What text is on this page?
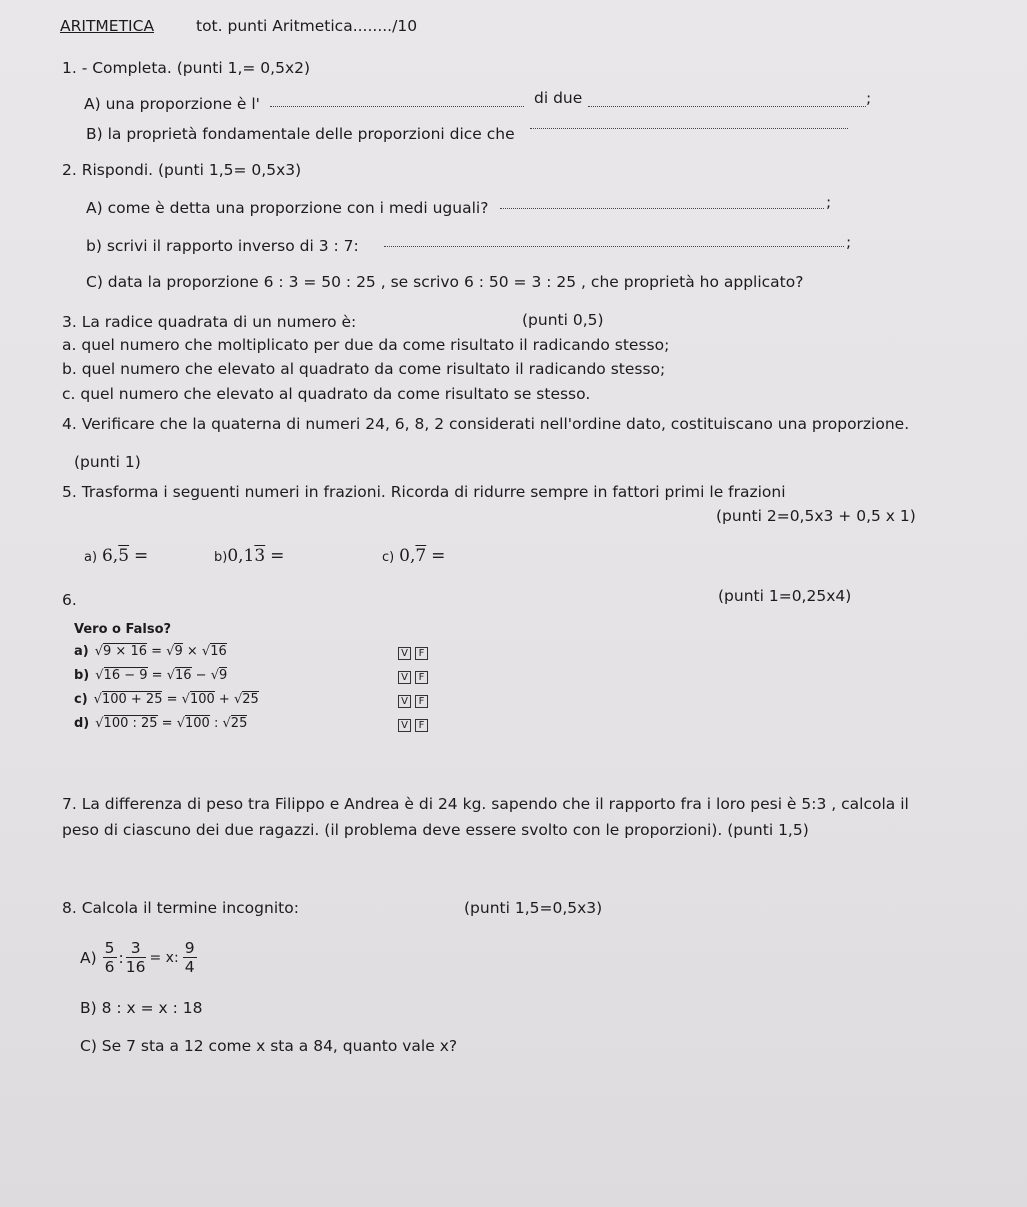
ARITMETICA	tot. punti Aritmetica......../10
1. - Completa. (punti 1,= 0,5x2)
A) una proporzione è l'	di due	;
B) la proprietà fondamentale delle proporzioni dice che
2. Rispondi. (punti 1,5= 0,5x3)
A) come è detta una proporzione con i medi uguali?	;
b) scrivi il rapporto inverso di 3 : 7:	;
C) data la proporzione 6 : 3 = 50 : 25 , se scrivo 6 : 50 = 3 : 25 , che proprietà ho applicato?
3. La radice quadrata di un numero è:	(punti 0,5)
a. quel numero che moltiplicato per due da come risultato il radicando stesso;
b. quel numero che elevato al quadrato da come risultato il radicando stesso;
c. quel numero che elevato al quadrato da come risultato se stesso.
4. Verificare che la quaterna di numeri 24, 6, 8, 2 considerati nell'ordine dato, costituiscano una proporzione.
(punti 1)
5. Trasforma i seguenti numeri in frazioni. Ricorda di ridurre sempre in fattori primi le frazioni
(punti 2=0,5x3 + 0,5 x 1)
a) 6,5 =	b)0,13 =	c) 0,7 =
6.	(punti 1=0,25x4)
Vero o Falso?
a) √9 × 16 = √9 × √16	V F
b) √16 − 9 = √16 − √9	V F
c) √100 + 25 = √100 + √25	V F
d) √100 : 25 = √100 : √25	V F
7. La differenza di peso tra Filippo e Andrea è di 24 kg. sapendo che il rapporto fra i loro pesi è 5:3 , calcola il
peso di ciascuno dei due ragazzi. (il problema deve essere svolto con le proporzioni). (punti 1,5)
8. Calcola il termine incognito:	(punti 1,5=0,5x3)
$A) \frac{5}{6}$ : $\frac{3}{16} = x$: $\frac{9}{4}$
B) 8 : x = x : 18
C) Se 7 sta a 12 come x sta a 84, quanto vale x?
